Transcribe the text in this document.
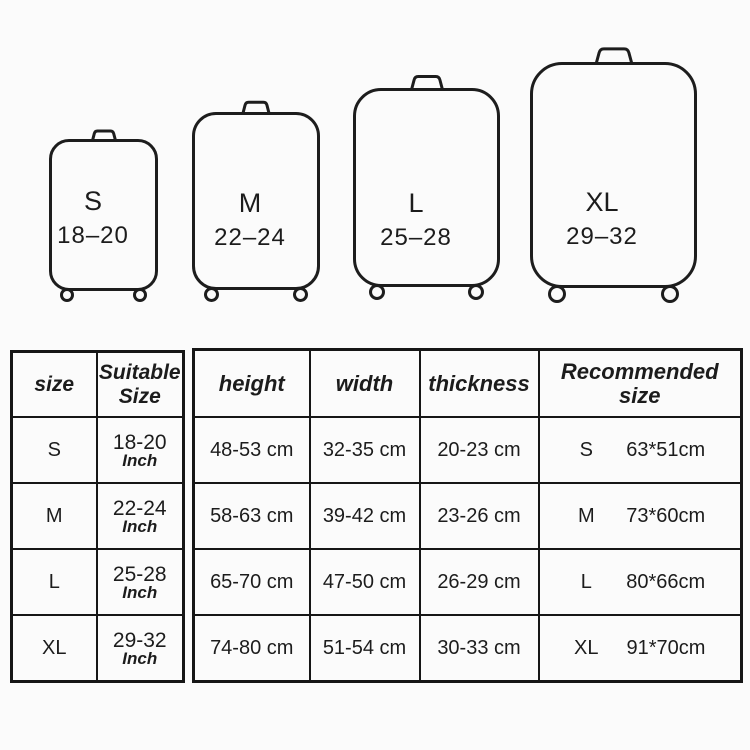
S
18–20
M
22–24
L
25–28
XL
29–32
size	Suitable Size
S	18-20
Inch

M	22-24
Inch

L	25-28
Inch

XL	29-32
Inch
height	width	thickness	Recommended size
48-53 cm	32-35 cm	20-23 cm	S 63*51cm

58-63 cm	39-42 cm	23-26 cm	M 73*60cm

65-70 cm	47-50 cm	26-29 cm	L 80*66cm

74-80 cm	51-54 cm	30-33 cm	XL 91*70cm
